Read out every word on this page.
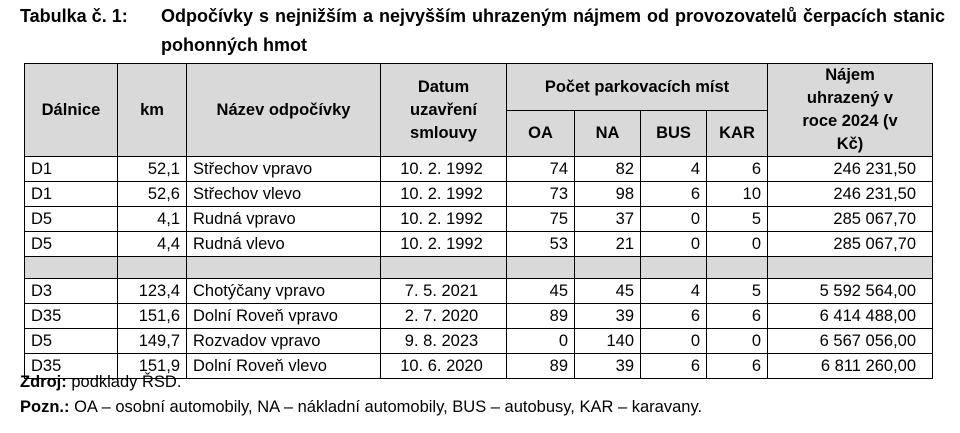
Tabulka č. 1: Odpočívky s nejnižším a nejvyšším uhrazeným nájmem od provozovatelů čerpacích stanic pohonných hmot
Dálnice	km	Název odpočívky	Datum uzavření smlouvy	Počet parkovacích míst				Nájem uhrazený v roce 2024 (v Kč)
				OA	NA	BUS	KAR	
D1	52,1	Střechov vpravo	10. 2. 1992	74	82	4	6	246 231,50
D1	52,6	Střechov vlevo	10. 2. 1992	73	98	6	10	246 231,50
D5	4,1	Rudná vpravo	10. 2. 1992	75	37	0	5	285 067,70
D5	4,4	Rudná vlevo	10. 2. 1992	53	21	0	0	285 067,70

D3	123,4	Chotýčany vpravo	7. 5. 2021	45	45	4	5	5 592 564,00
D35	151,6	Dolní Roveň vpravo	2. 7. 2020	89	39	6	6	6 414 488,00
D5	149,7	Rozvadov vpravo	9. 8. 2023	0	140	0	0	6 567 056,00
D35	151,9	Dolní Roveň vlevo	10. 6. 2020	89	39	6	6	6 811 260,00
Zdroj: podklady ŘSD.
Pozn.: OA – osobní automobily, NA – nákladní automobily, BUS – autobusy, KAR – karavany.
